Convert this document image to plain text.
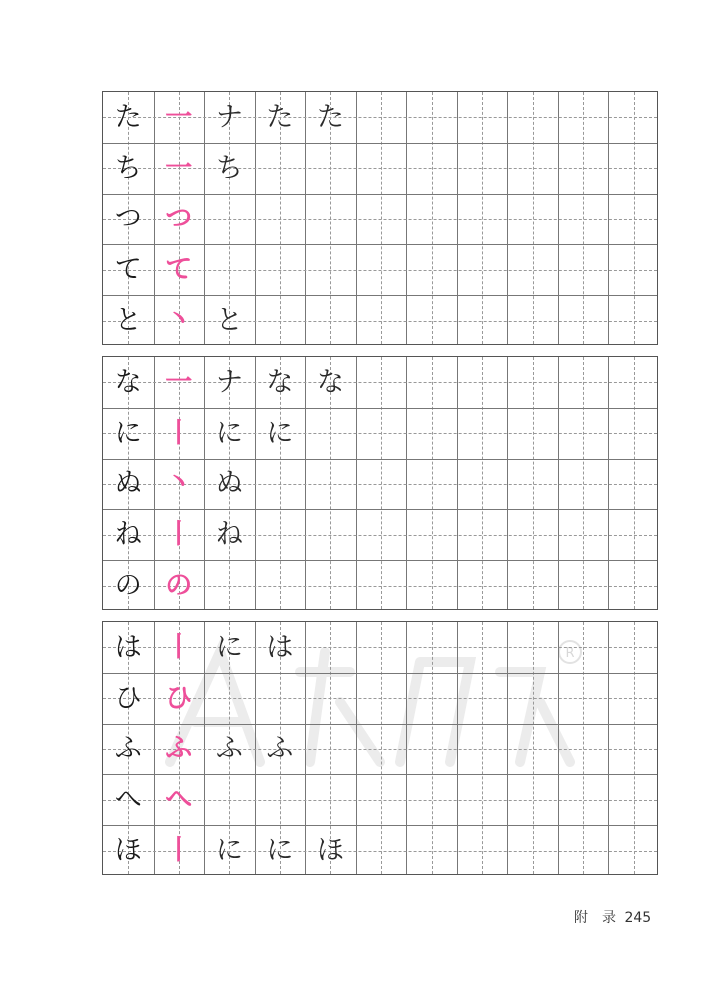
R
た 一 ナ た た
ち 一 ち
つ つ
て て
と 丶 と
な 一 ナ な な
に 丨 に に
ぬ 丶 ぬ
ね 丨 ね
の の
は 丨 に は
ひ ひ
ふ ふ ふ ふ
へ へ
ほ 丨 に に ほ
附　录 245
